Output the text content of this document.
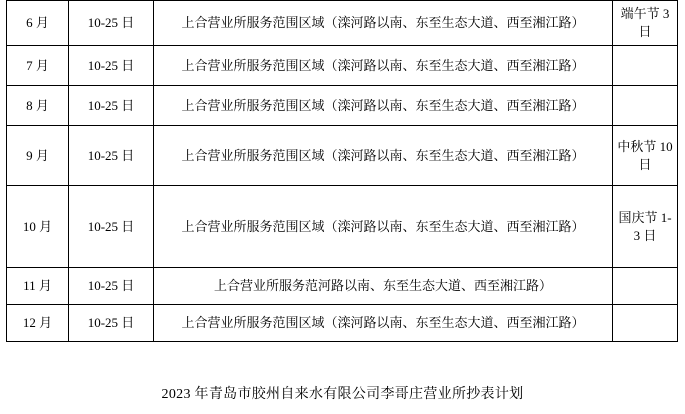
6 月	10-25 日	上合营业所服务范围区域（滦河路以南、东至生态大道、西至湘江路）	端午节 3 日
7 月	10-25 日	上合营业所服务范围区域（滦河路以南、东至生态大道、西至湘江路）	
8 月	10-25 日	上合营业所服务范围区域（滦河路以南、东至生态大道、西至湘江路）	
9 月	10-25 日	上合营业所服务范围区域（滦河路以南、东至生态大道、西至湘江路）	中秋节 10 日
10 月	10-25 日	上合营业所服务范围区域（滦河路以南、东至生态大道、西至湘江路）	国庆节 1-3 日
11 月	10-25 日	上合营业所服务范河路以南、东至生态大道、西至湘江路）	
12 月	10-25 日	上合营业所服务范围区域（滦河路以南、东至生态大道、西至湘江路）	
2023 年青岛市胶州自来水有限公司李哥庄营业所抄表计划
